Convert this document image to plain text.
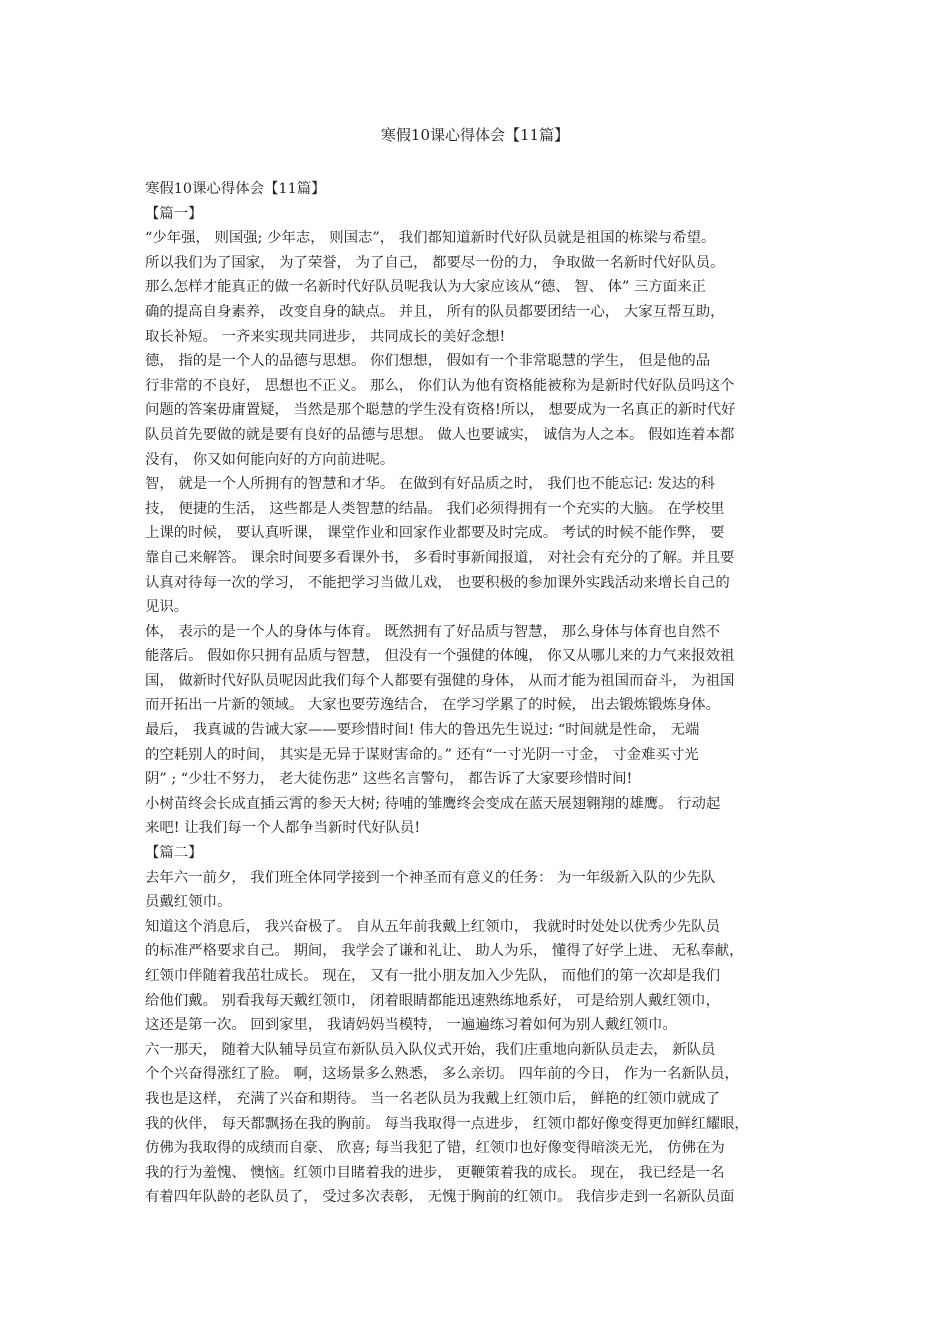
寒假10课心得体会【11篇】
寒假10课心得体会【11篇】
【篇一】
“少年强， 则国强; 少年志， 则国志”， 我们都知道新时代好队员就是祖国的栋梁与希望。
所以我们为了国家， 为了荣誉， 为了自己， 都要尽一份的力， 争取做一名新时代好队员。
那么怎样才能真正的做一名新时代好队员呢我认为大家应该从“德、 智、 体” 三方面来正
确的提高自身素养， 改变自身的缺点。 并且， 所有的队员都要团结一心， 大家互帮互助，
取长补短。 一齐来实现共同进步， 共同成长的美好念想!
德， 指的是一个人的品德与思想。 你们想想， 假如有一个非常聪慧的学生， 但是他的品
行非常的不良好， 思想也不正义。 那么， 你们认为他有资格能被称为是新时代好队员吗这个
问题的答案毋庸置疑， 当然是那个聪慧的学生没有资格!所以， 想要成为一名真正的新时代好
队员首先要做的就是要有良好的品德与思想。 做人也要诚实， 诚信为人之本。 假如连着本都
没有， 你又如何能向好的方向前进呢。
智， 就是一个人所拥有的智慧和才华。 在做到有好品质之时， 我们也不能忘记: 发达的科
技， 便捷的生活， 这些都是人类智慧的结晶。 我们必须得拥有一个充实的大脑。 在学校里
上课的时候， 要认真听课， 课堂作业和回家作业都要及时完成。 考试的时候不能作弊， 要
靠自己来解答。 课余时间要多看课外书， 多看时事新闻报道， 对社会有充分的了解。并且要
认真对待每一次的学习， 不能把学习当做儿戏， 也要积极的参加课外实践活动来增长自己的
见识。
体， 表示的是一个人的身体与体育。 既然拥有了好品质与智慧， 那么身体与体育也自然不
能落后。 假如你只拥有品质与智慧， 但没有一个强健的体魄， 你又从哪儿来的力气来报效祖
国， 做新时代好队员呢因此我们每个人都要有强健的身体， 从而才能为祖国而奋斗， 为祖国
而开拓出一片新的领域。 大家也要劳逸结合， 在学习学累了的时候， 出去锻炼锻炼身体。
最后， 我真诚的告诫大家——要珍惜时间! 伟大的鲁迅先生说过: “时间就是性命， 无端
的空耗别人的时间， 其实是无异于谋财害命的。” 还有“一寸光阴一寸金， 寸金难买寸光
阴” ; “少壮不努力， 老大徒伤悲” 这些名言警句， 都告诉了大家要珍惜时间!
小树苗终会长成直插云霄的参天大树; 待哺的雏鹰终会变成在蓝天展翅翱翔的雄鹰。 行动起
来吧! 让我们每一个人都争当新时代好队员!
【篇二】
去年六一前夕， 我们班全体同学接到一个神圣而有意义的任务： 为一年级新入队的少先队
员戴红领巾。
知道这个消息后， 我兴奋极了。 自从五年前我戴上红领巾， 我就时时处处以优秀少先队员
的标准严格要求自己。 期间， 我学会了谦和礼让、 助人为乐， 懂得了好学上进、 无私奉献，
红领巾伴随着我茁壮成长。 现在， 又有一批小朋友加入少先队， 而他们的第一次却是我们
给他们戴。 别看我每天戴红领巾， 闭着眼睛都能迅速熟练地系好， 可是给别人戴红领巾，
这还是第一次。 回到家里， 我请妈妈当模特， 一遍遍练习着如何为别人戴红领巾。
六一那天， 随着大队辅导员宣布新队员入队仪式开始，我们庄重地向新队员走去， 新队员
个个兴奋得涨红了脸。 啊，这场景多么熟悉， 多么亲切。 四年前的今日， 作为一名新队员，
我也是这样， 充满了兴奋和期待。 当一名老队员为我戴上红领巾后， 鲜艳的红领巾就成了
我的伙伴， 每天都飘扬在我的胸前。 每当我取得一点进步， 红领巾都好像变得更加鲜红耀眼，
仿佛为我取得的成绩而自豪、 欣喜; 每当我犯了错，红领巾也好像变得暗淡无光， 仿佛在为
我的行为羞愧、 懊恼。红领巾目睹着我的进步， 更鞭策着我的成长。 现在， 我已经是一名
有着四年队龄的老队员了， 受过多次表彰， 无愧于胸前的红领巾。 我信步走到一名新队员面
